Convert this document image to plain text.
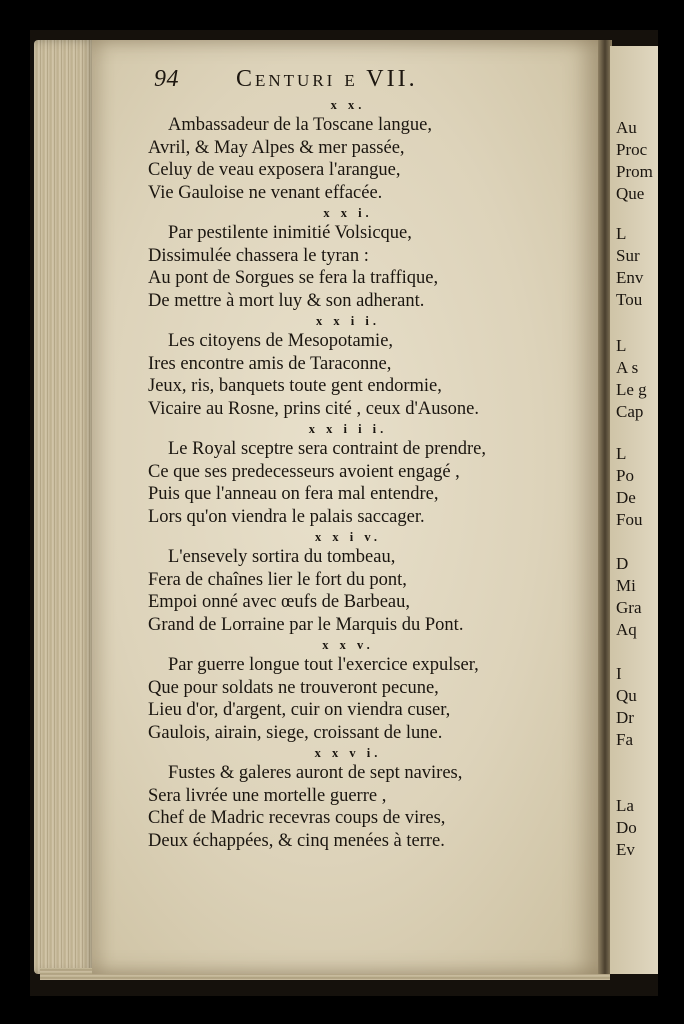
Au
Proc
Prom
Que
L
Sur
Env
Tou
L
A s
Le g
Cap
L
Po
De
Fou
D
Mi
Gra
Aq
I
Qu
Dr
Fa
La
Do
Ev
94 Centuri e VII.
x x.
Ambassadeur de la Toscane langue,
Avril, & May Alpes & mer passée,
Celuy de veau exposera l'arangue,
Vie Gauloise ne venant effacée.
x x i.
Par pestilente inimitié Volsicque,
Dissimulée chassera le tyran :
Au pont de Sorgues se fera la traffique,
De mettre à mort luy & son adherant.
x x i i.
Les citoyens de Mesopotamie,
Ires encontre amis de Taraconne,
Jeux, ris, banquets toute gent endormie,
Vicaire au Rosne, prins cité , ceux d'Ausone.
x x i i i.
Le Royal sceptre sera contraint de prendre,
Ce que ses predecesseurs avoient engagé ,
Puis que l'anneau on fera mal entendre,
Lors qu'on viendra le palais saccager.
x x i v.
L'ensevely sortira du tombeau,
Fera de chaînes lier le fort du pont,
Empoi onné avec œufs de Barbeau,
Grand de Lorraine par le Marquis du Pont.
x x v.
Par guerre longue tout l'exercice expulser,
Que pour soldats ne trouveront pecune,
Lieu d'or, d'argent, cuir on viendra cuser,
Gaulois, airain, siege, croissant de lune.
x x v i.
Fustes & galeres auront de sept navires,
Sera livrée une mortelle guerre ,
Chef de Madric recevras coups de vires,
Deux échappées, & cinq menées à terre.
